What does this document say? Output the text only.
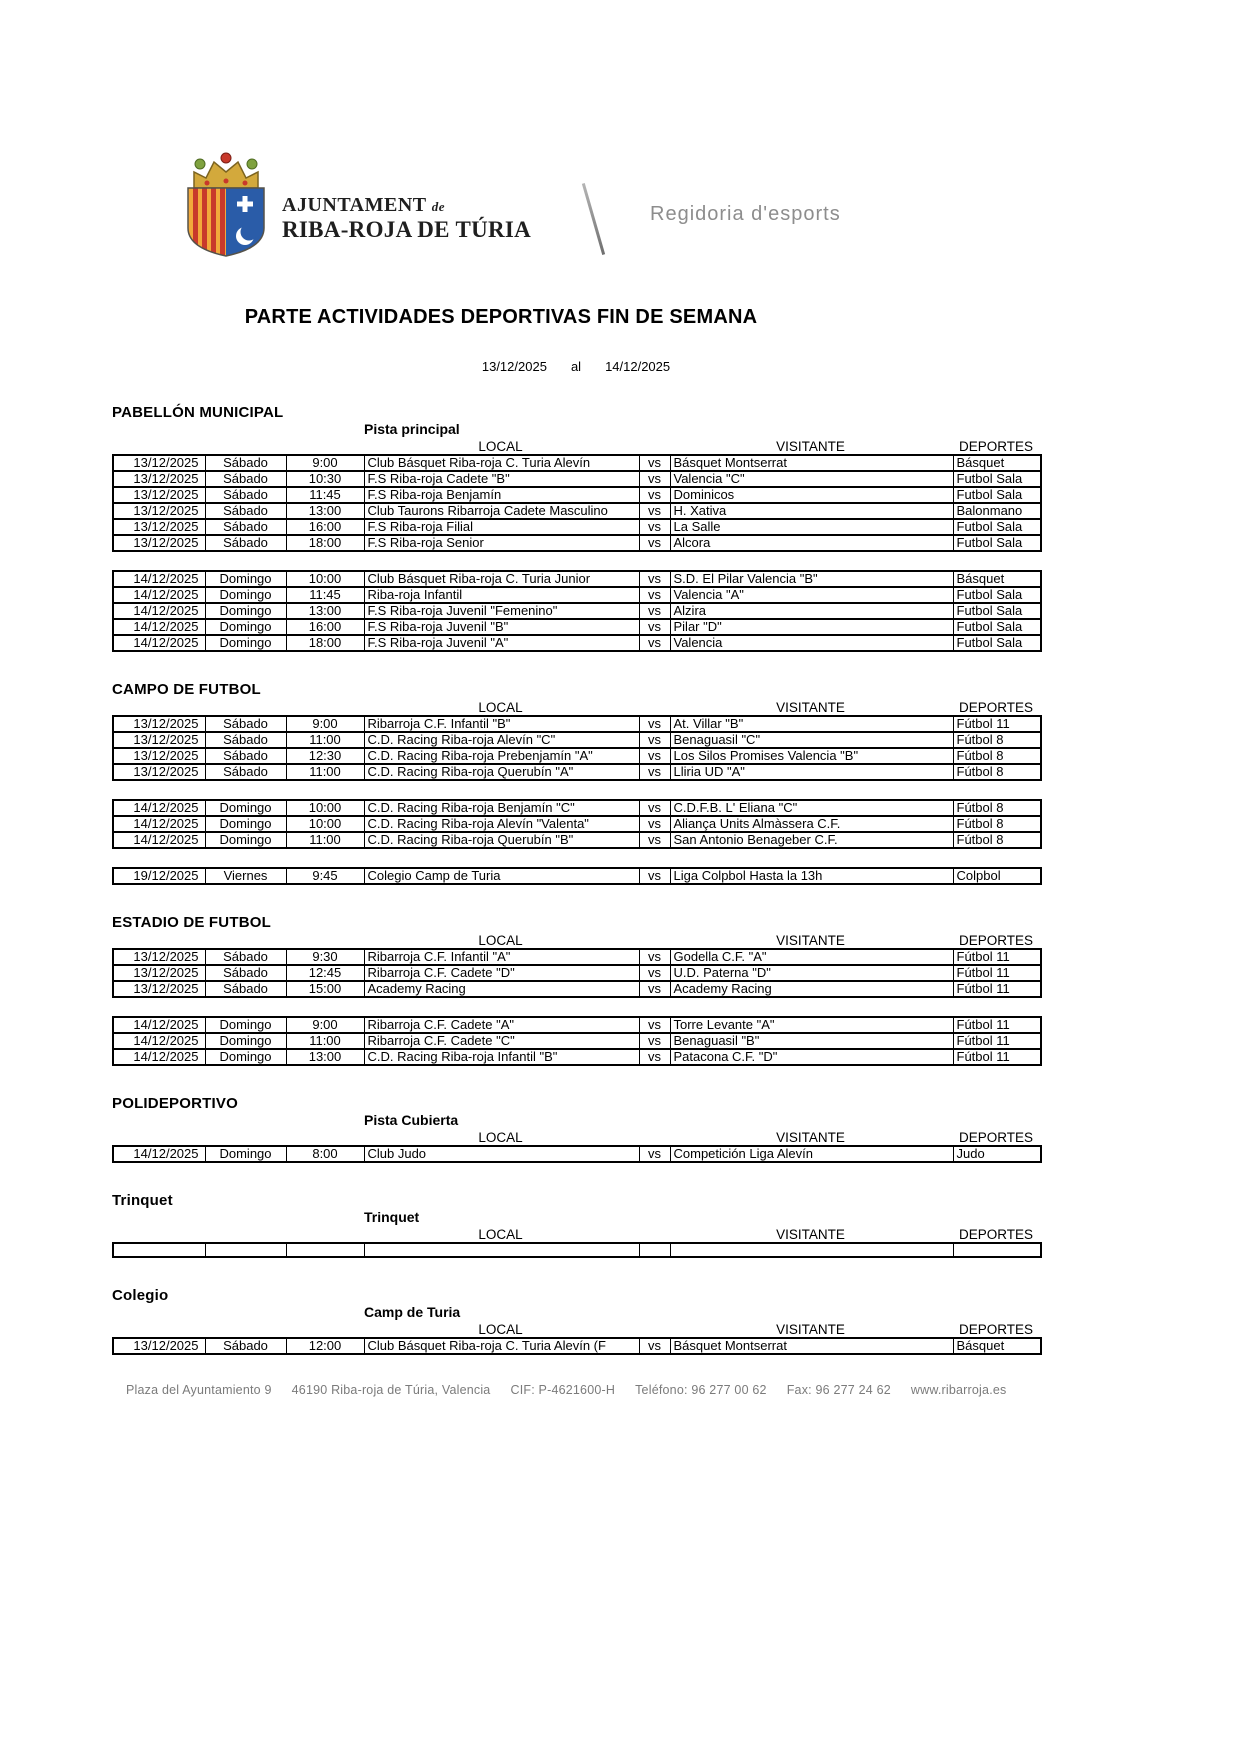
AJUNTAMENT de
RIBA-ROJA DE TÚRIA
Regidoria d'esports
PARTE ACTIVIDADES DEPORTIVAS FIN DE SEMANA
13/12/2025 al 14/12/2025
PABELLÓN MUNICIPAL
Pista principal
			LOCAL		VISITANTE	DEPORTES
13/12/2025	Sábado	9:00	Club Básquet Riba-roja C. Turia Alevín	vs	Básquet Montserrat	Básquet
13/12/2025	Sábado	10:30	F.S Riba-roja Cadete "B"	vs	Valencia "C"	Futbol Sala
13/12/2025	Sábado	11:45	F.S Riba-roja Benjamín	vs	Dominicos	Futbol Sala
13/12/2025	Sábado	13:00	Club Taurons Ribarroja Cadete Masculino	vs	H. Xativa	Balonmano
13/12/2025	Sábado	16:00	F.S Riba-roja Filial	vs	La Salle	Futbol Sala
13/12/2025	Sábado	18:00	F.S Riba-roja Senior	vs	Alcora	Futbol Sala
14/12/2025	Domingo	10:00	Club Básquet Riba-roja C. Turia Junior	vs	S.D. El Pilar Valencia "B"	Básquet
14/12/2025	Domingo	11:45	Riba-roja Infantil	vs	Valencia "A"	Futbol Sala
14/12/2025	Domingo	13:00	F.S Riba-roja Juvenil "Femenino"	vs	Alzira	Futbol Sala
14/12/2025	Domingo	16:00	F.S Riba-roja Juvenil "B"	vs	Pilar "D"	Futbol Sala
14/12/2025	Domingo	18:00	F.S Riba-roja Juvenil "A"	vs	Valencia	Futbol Sala
CAMPO DE FUTBOL
			LOCAL		VISITANTE	DEPORTES
13/12/2025	Sábado	9:00	Ribarroja C.F. Infantil "B"	vs	At. Villar "B"	Fútbol 11
13/12/2025	Sábado	11:00	C.D. Racing Riba-roja Alevín "C"	vs	Benaguasil "C"	Fútbol 8
13/12/2025	Sábado	12:30	C.D. Racing Riba-roja Prebenjamín "A"	vs	Los Silos Promises Valencia "B"	Fútbol 8
13/12/2025	Sábado	11:00	C.D. Racing Riba-roja Querubín "A"	vs	Lliria UD "A"	Fútbol 8
14/12/2025	Domingo	10:00	C.D. Racing Riba-roja Benjamín "C"	vs	C.D.F.B. L' Eliana "C"	Fútbol 8
14/12/2025	Domingo	10:00	C.D. Racing Riba-roja Alevín "Valenta"	vs	Aliança Units Almàssera C.F.	Fútbol 8
14/12/2025	Domingo	11:00	C.D. Racing Riba-roja Querubín "B"	vs	San Antonio Benageber C.F.	Fútbol 8
19/12/2025	Viernes	9:45	Colegio Camp de Turia	vs	Liga Colpbol Hasta la 13h	Colpbol
ESTADIO DE FUTBOL
			LOCAL		VISITANTE	DEPORTES
13/12/2025	Sábado	9:30	Ribarroja C.F. Infantil "A"	vs	Godella C.F. "A"	Fútbol 11
13/12/2025	Sábado	12:45	Ribarroja C.F. Cadete "D"	vs	U.D. Paterna "D"	Fútbol 11
13/12/2025	Sábado	15:00	Academy Racing	vs	Academy Racing	Fútbol 11
14/12/2025	Domingo	9:00	Ribarroja C.F. Cadete "A"	vs	Torre Levante "A"	Fútbol 11
14/12/2025	Domingo	11:00	Ribarroja C.F. Cadete "C"	vs	Benaguasil "B"	Fútbol 11
14/12/2025	Domingo	13:00	C.D. Racing Riba-roja Infantil "B"	vs	Patacona C.F. "D"	Fútbol 11
POLIDEPORTIVO
Pista Cubierta
			LOCAL		VISITANTE	DEPORTES
14/12/2025	Domingo	8:00	Club Judo	vs	Competición Liga Alevín	Judo
Trinquet
Trinquet
			LOCAL		VISITANTE	DEPORTES

Colegio
Camp de Turia
			LOCAL		VISITANTE	DEPORTES
13/12/2025	Sábado	12:00	Club Básquet Riba-roja C. Turia Alevín (F	vs	Básquet Montserrat	Básquet
Plaza del Ayuntamiento 9 46190 Riba-roja de Túria, Valencia CIF: P-4621600-H Teléfono: 96 277 00 62 Fax: 96 277 24 62 www.ribarroja.es
